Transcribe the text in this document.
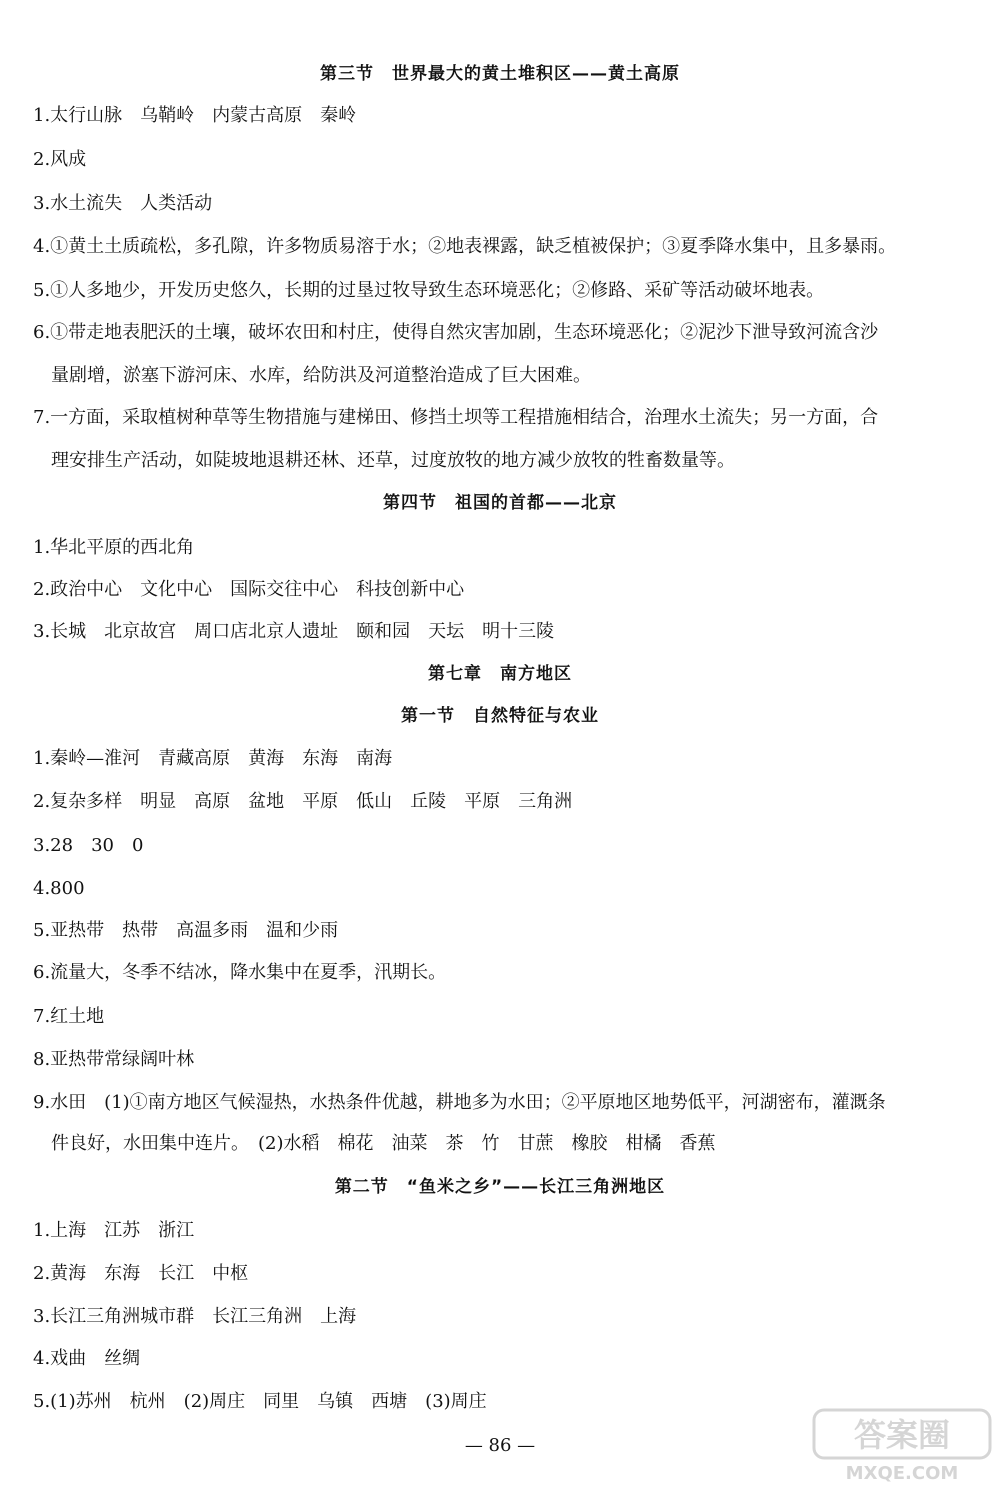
第三节　世界最大的黄土堆积区——黄土高原
1.太行山脉　乌鞘岭　内蒙古高原　秦岭
2.风成
3.水土流失　人类活动
4.①黄土土质疏松，多孔隙，许多物质易溶于水；②地表裸露，缺乏植被保护；③夏季降水集中，且多暴雨。
5.①人多地少，开发历史悠久，长期的过垦过牧导致生态环境恶化；②修路、采矿等活动破坏地表。
6.①带走地表肥沃的土壤，破坏农田和村庄，使得自然灾害加剧，生态环境恶化；②泥沙下泄导致河流含沙
　量剧增，淤塞下游河床、水库，给防洪及河道整治造成了巨大困难。
7.一方面，采取植树种草等生物措施与建梯田、修挡土坝等工程措施相结合，治理水土流失；另一方面，合
　理安排生产活动，如陡坡地退耕还林、还草，过度放牧的地方减少放牧的牲畜数量等。
第四节　祖国的首都——北京
1.华北平原的西北角
2.政治中心　文化中心　国际交往中心　科技创新中心
3.长城　北京故宫　周口店北京人遗址　颐和园　天坛　明十三陵
第七章　南方地区
第一节　自然特征与农业
1.秦岭—淮河　青藏高原　黄海　东海　南海
2.复杂多样　明显　高原　盆地　平原　低山　丘陵　平原　三角洲
3.28　30　0
4.800
5.亚热带　热带　高温多雨　温和少雨
6.流量大，冬季不结冰，降水集中在夏季，汛期长。
7.红土地
8.亚热带常绿阔叶林
9.水田　(1)①南方地区气候湿热，水热条件优越，耕地多为水田；②平原地区地势低平，河湖密布，灌溉条
　件良好，水田集中连片。　(2)水稻　棉花　油菜　茶　竹　甘蔗　橡胶　柑橘　香蕉
第二节　“鱼米之乡”——长江三角洲地区
1.上海　江苏　浙江
2.黄海　东海　长江　中枢
3.长江三角洲城市群　长江三角洲　上海
4.戏曲　丝绸
5.(1)苏州　杭州　(2)周庄　同里　乌镇　西塘　(3)周庄
— 86 —	答案圈
MXQE.COM
